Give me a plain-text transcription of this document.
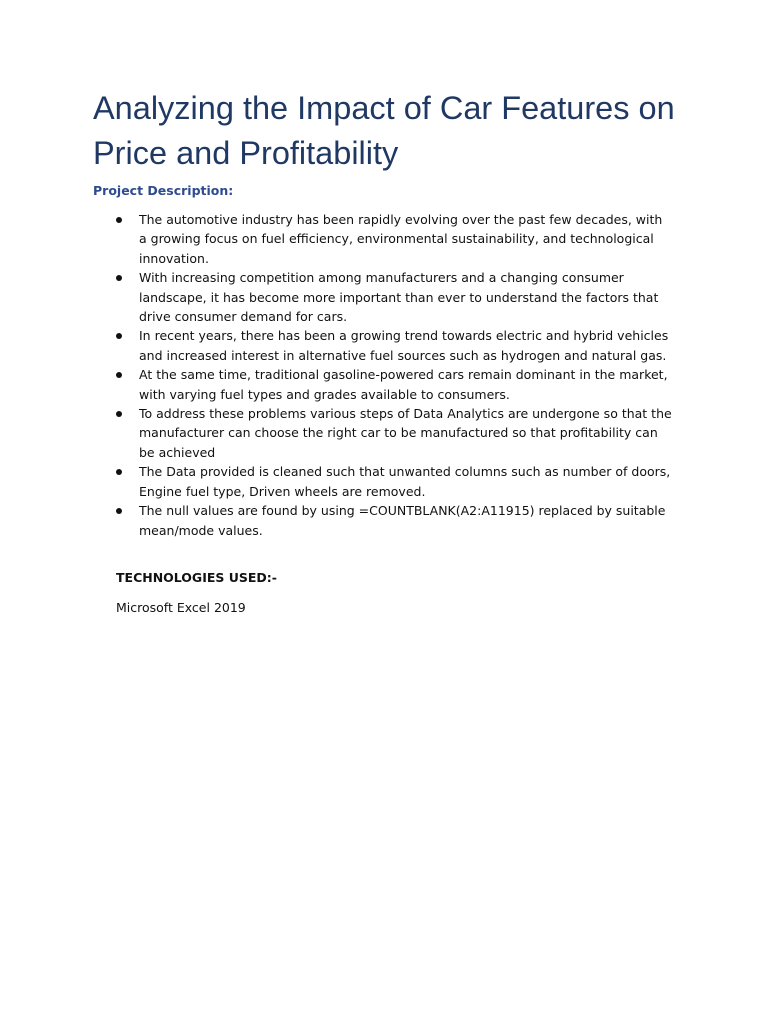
Analyzing the Impact of Car Features on Price and Profitability

Project Description:

The automotive industry has been rapidly evolving over the past few decades, with a growing focus on fuel efficiency, environmental sustainability, and technological innovation.
With increasing competition among manufacturers and a changing consumer landscape, it has become more important than ever to understand the factors that drive consumer demand for cars.
In recent years, there has been a growing trend towards electric and hybrid vehicles and increased interest in alternative fuel sources such as hydrogen and natural gas.
At the same time, traditional gasoline-powered cars remain dominant in the market, with varying fuel types and grades available to consumers.
To address these problems various steps of Data Analytics are undergone so that the manufacturer can choose the right car to be manufactured so that profitability can be achieved
The Data provided is cleaned such that unwanted columns such as number of doors, Engine fuel type, Driven wheels are removed.
The null values are found by using =COUNTBLANK(A2:A11915) replaced by suitable mean/mode values.

TECHNOLOGIES USED:-

Microsoft Excel 2019
